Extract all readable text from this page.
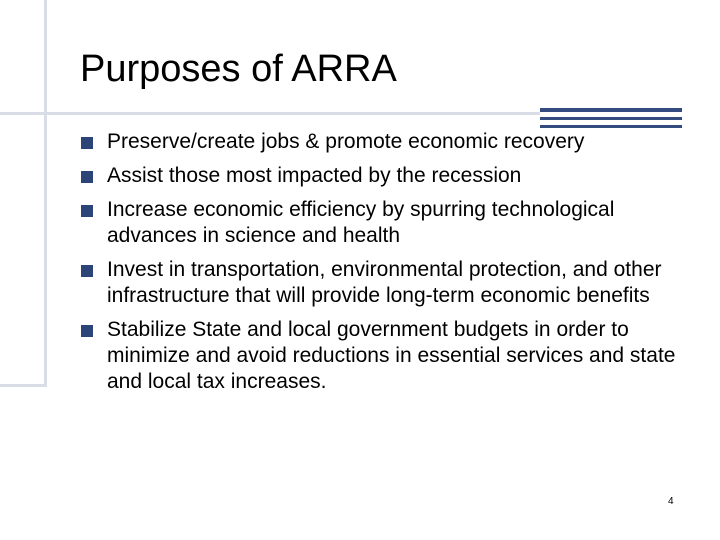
Purposes of ARRA
Preserve/create jobs & promote economic recovery
Assist those most impacted by the recession
Increase economic efficiency by spurring technological advances in science and health
Invest in transportation, environmental protection, and other infrastructure that will provide long-term economic benefits
Stabilize State and local government budgets in order to minimize and avoid reductions in essential services and state and local tax increases.
4
